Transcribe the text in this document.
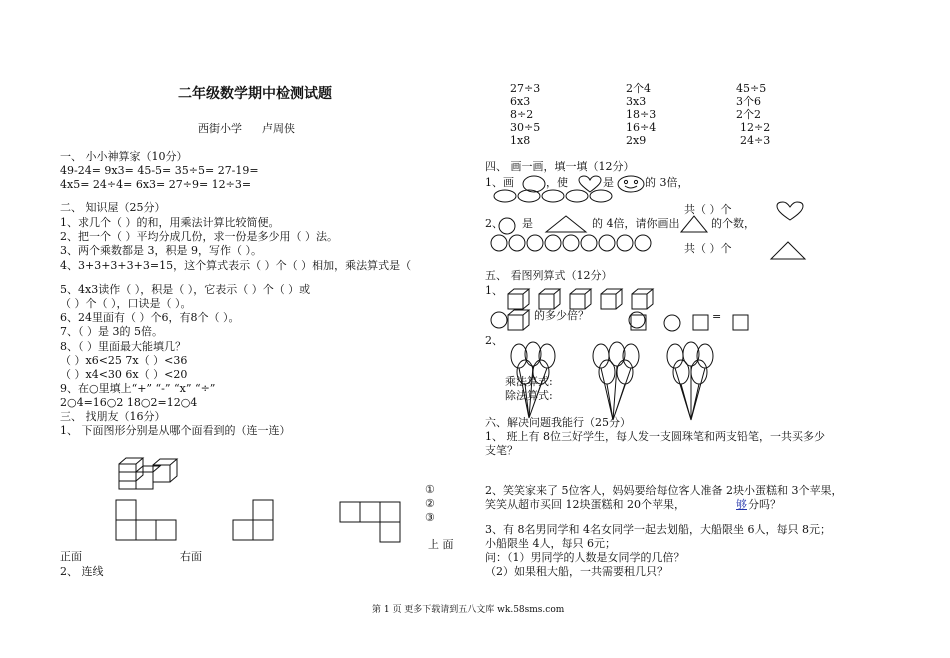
二年级数学期中检测试题
西街小学 卢周侠
一、 小小神算家（10分）
49-24= 9x3= 45-5= 35÷5= 27-19=
4x5= 24÷4= 6x3= 27÷9= 12÷3=
二、 知识屋（25分）
1、求几个（ ）的和，用乘法计算比较简便。
2、把一个（ ）平均分成几份，求一份是多少用（ ）法。
3、两个乘数都是 3，积是 9，写作（ ）。
4、3+3+3+3+3=15，这个算式表示（ ）个（ ）相加，乘法算式是（
5、4x3读作（ ），积是（ ），它表示（ ）个（ ）或
（ ）个（ ），口诀是（ ）。
6、24里面有（ ）个6，有8个（ ）。
7、（ ）是 3的 5倍。
8、（ ）里面最大能填几？
（ ）x6<25 7x（ ）<36
（ ）x4<30 6x（ ）<20
9、在○里填上“+” “-” “x” “÷”
2○4=16○2 18○2=12○4
三、 找朋友（16分）
1、 下面图形分别是从哪个面看到的（连一连）
①
②
③
正面	右面
上 面
2、 连线
27÷3	2个4	45÷5
6x3	3x3	3个6
8÷2	18÷3	2个2
30÷5	16÷4	12÷2
1x8	2x9	24÷3
四、 画一画，填一填（12分）
1、画	，使	是	的 3倍，
共（ ）个
2、 是	的 4倍，请你画出	的个数，
共（ ）个
五、 看图列算式（12分）
1、
的多少倍？	=
2、
乘法算式:
除法算式:
六、解决问题我能行（25分）
1、 班上有 8位三好学生，每人发一支圆珠笔和两支铅笔，一共买多少
支笔？
2、笑笑家来了 5位客人，妈妈要给每位客人准备 2块小蛋糕和 3个苹果，
笑笑从超市买回 12块蛋糕和 20个苹果，	够 分吗？
3、有 8名男同学和 4名女同学一起去划船，大船限坐 6人，每只 8元；
小船限坐 4人，每只 6元；
问：（1）男同学的人数是女同学的几倍？
（2）如果租大船，一共需要租几只？
第 1 页 更多下载请到五八文库 wk.58sms.com
